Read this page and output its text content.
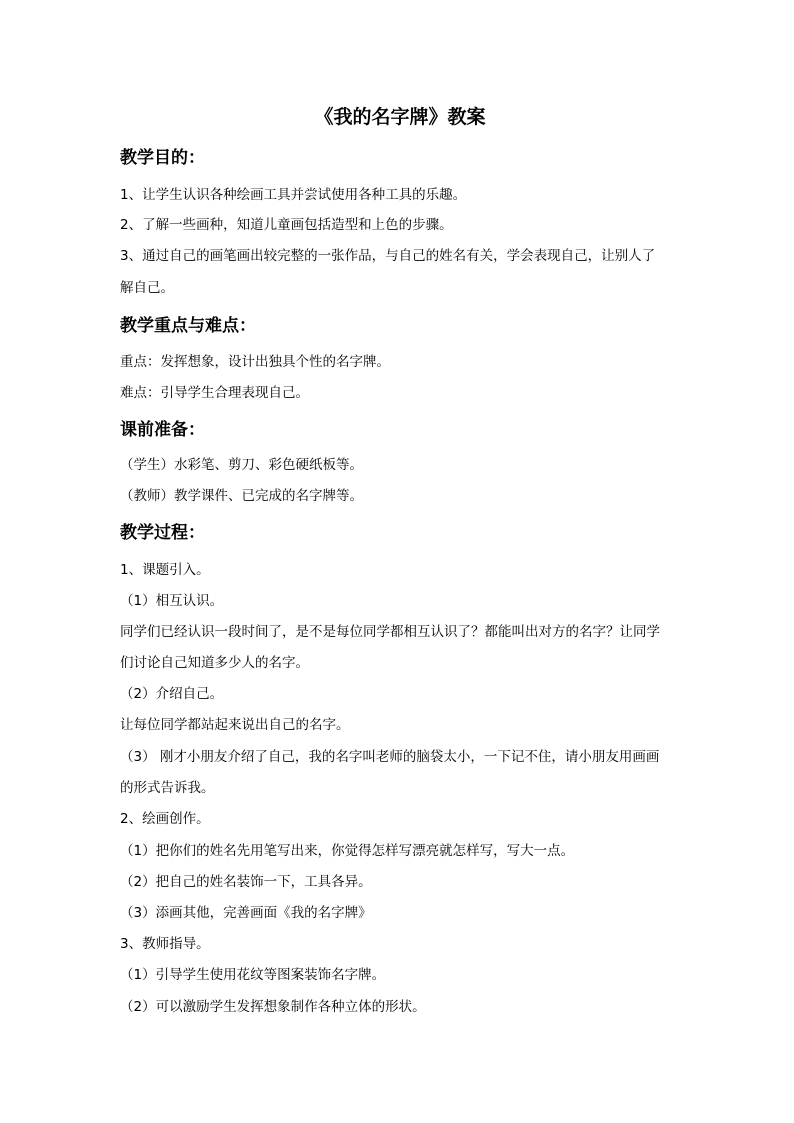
《我的名字牌》教案
教学目的：
1、让学生认识各种绘画工具并尝试使用各种工具的乐趣。
2、了解一些画种，知道儿童画包括造型和上色的步骤。
3、通过自己的画笔画出较完整的一张作品，与自己的姓名有关，学会表现自己，让别人了
解自己。
教学重点与难点：
重点：发挥想象，设计出独具个性的名字牌。
难点：引导学生合理表现自己。
课前准备：
（学生）水彩笔、剪刀、彩色硬纸板等。
（教师）教学课件、已完成的名字牌等。
教学过程：
1、课题引入。
（1）相互认识。
同学们已经认识一段时间了，是不是每位同学都相互认识了？都能叫出对方的名字？让同学
们讨论自己知道多少人的名字。
（2）介绍自己。
让每位同学都站起来说出自己的名字。
（3） 刚才小朋友介绍了自己，我的名字叫老师的脑袋太小，一下记不住，请小朋友用画画
的形式告诉我。
2、绘画创作。
（1）把你们的姓名先用笔写出来，你觉得怎样写漂亮就怎样写，写大一点。
（2）把自己的姓名装饰一下，工具各异。
（3）添画其他，完善画面《我的名字牌》
3、教师指导。
（1）引导学生使用花纹等图案装饰名字牌。
（2）可以激励学生发挥想象制作各种立体的形状。
